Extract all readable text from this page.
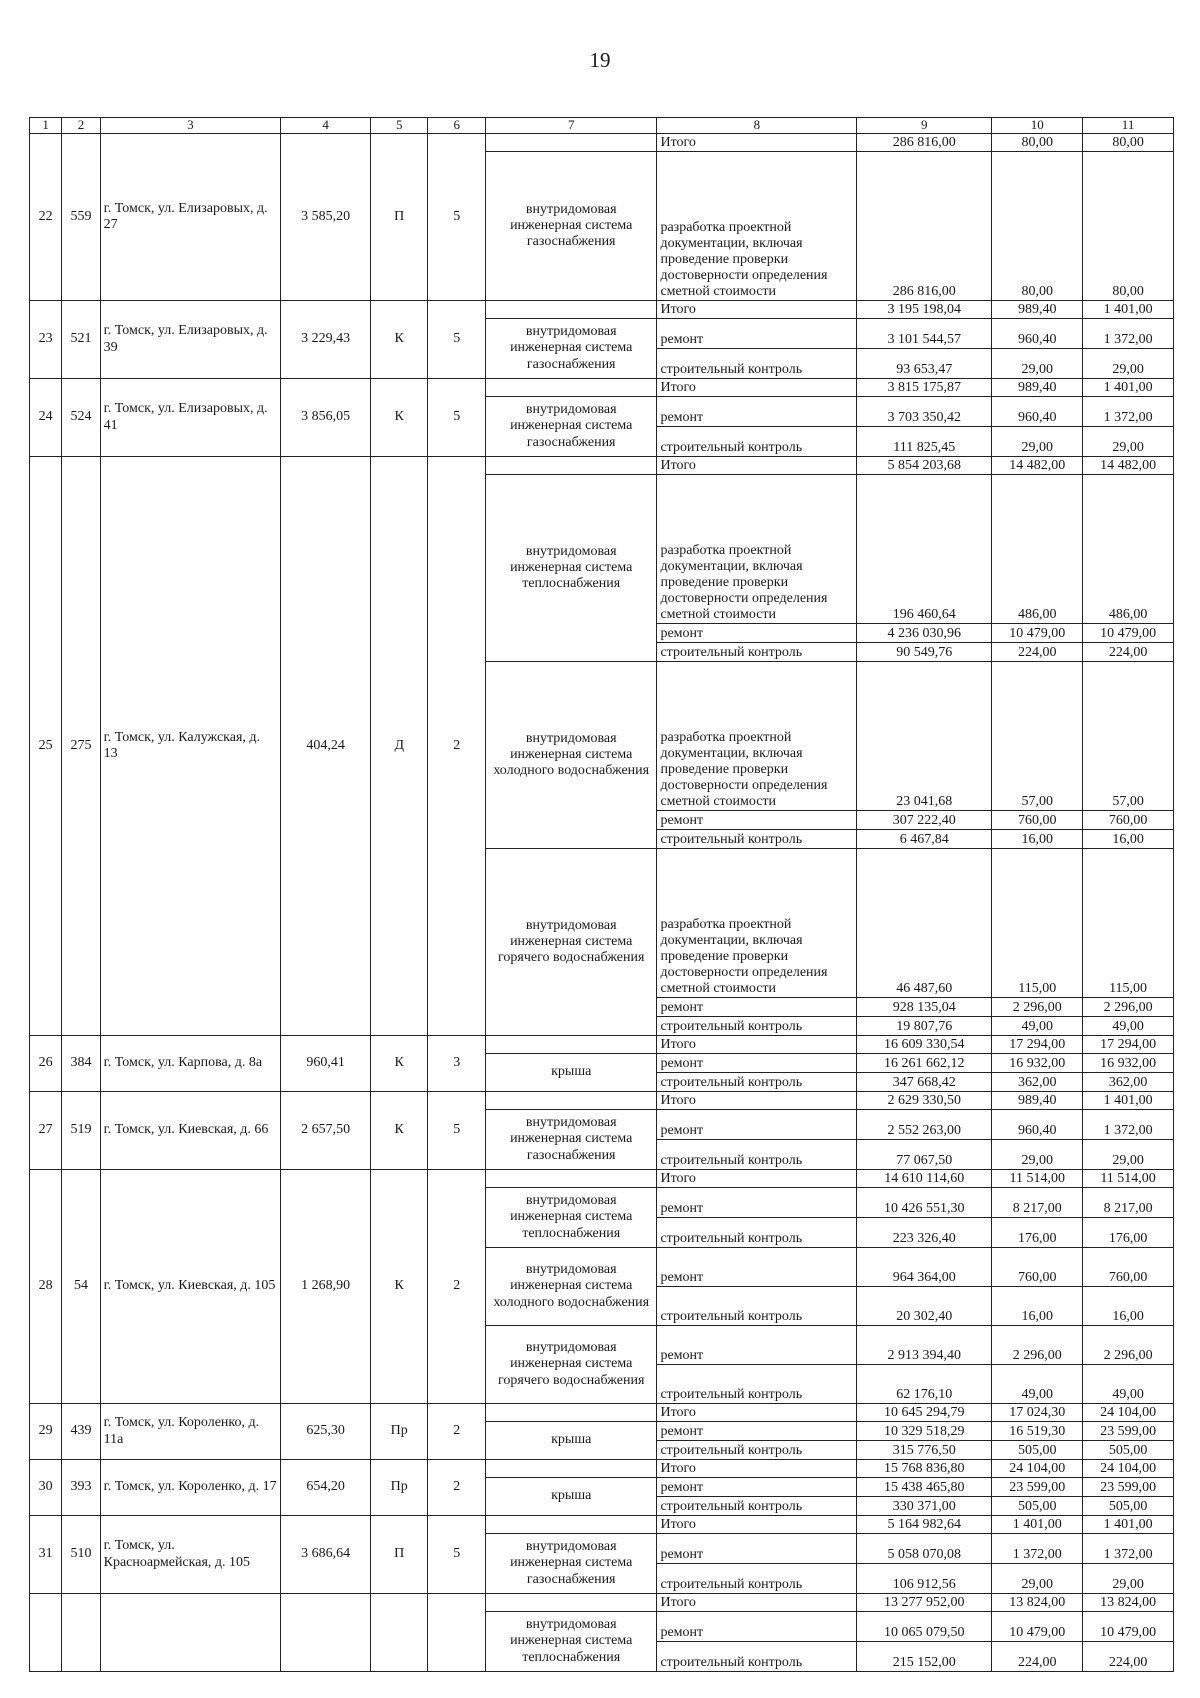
19
1	2	3	4	5	6	7	8	9	10	11
22	559	г. Томск, ул. Елизаровых, д. 27	3 585,20	П	5		Итого	286 816,00	80,00	80,00
						внутридомовая инженерная система газоснабжения	разработка проектной документации, включая проведение проверки достоверности определения сметной стоимости	286 816,00	80,00	80,00
23	521	г. Томск, ул. Елизаровых, д. 39	3 229,43	К	5		Итого	3 195 198,04	989,40	1 401,00
						внутридомовая инженерная система газоснабжения	ремонт	3 101 544,57	960,40	1 372,00
							строительный контроль	93 653,47	29,00	29,00
24	524	г. Томск, ул. Елизаровых, д. 41	3 856,05	К	5		Итого	3 815 175,87	989,40	1 401,00
						внутридомовая инженерная система газоснабжения	ремонт	3 703 350,42	960,40	1 372,00
							строительный контроль	111 825,45	29,00	29,00
25	275	г. Томск, ул. Калужская, д. 13	404,24	Д	2		Итого	5 854 203,68	14 482,00	14 482,00
						внутридомовая инженерная система теплоснабжения	разработка проектной документации, включая проведение проверки достоверности определения сметной стоимости	196 460,64	486,00	486,00
							ремонт	4 236 030,96	10 479,00	10 479,00
							строительный контроль	90 549,76	224,00	224,00
						внутридомовая инженерная система холодного водоснабжения	разработка проектной документации, включая проведение проверки достоверности определения сметной стоимости	23 041,68	57,00	57,00
							ремонт	307 222,40	760,00	760,00
							строительный контроль	6 467,84	16,00	16,00
						внутридомовая инженерная система горячего водоснабжения	разработка проектной документации, включая проведение проверки достоверности определения сметной стоимости	46 487,60	115,00	115,00
							ремонт	928 135,04	2 296,00	2 296,00
							строительный контроль	19 807,76	49,00	49,00
26	384	г. Томск, ул. Карпова, д. 8а	960,41	К	3		Итого	16 609 330,54	17 294,00	17 294,00
						крыша	ремонт	16 261 662,12	16 932,00	16 932,00
							строительный контроль	347 668,42	362,00	362,00
27	519	г. Томск, ул. Киевская, д. 66	2 657,50	К	5		Итого	2 629 330,50	989,40	1 401,00
						внутридомовая инженерная система газоснабжения	ремонт	2 552 263,00	960,40	1 372,00
							строительный контроль	77 067,50	29,00	29,00
28	54	г. Томск, ул. Киевская, д. 105	1 268,90	К	2		Итого	14 610 114,60	11 514,00	11 514,00
						внутридомовая инженерная система теплоснабжения	ремонт	10 426 551,30	8 217,00	8 217,00
							строительный контроль	223 326,40	176,00	176,00
						внутридомовая инженерная система холодного водоснабжения	ремонт	964 364,00	760,00	760,00
							строительный контроль	20 302,40	16,00	16,00
						внутридомовая инженерная система горячего водоснабжения	ремонт	2 913 394,40	2 296,00	2 296,00
							строительный контроль	62 176,10	49,00	49,00
29	439	г. Томск, ул. Короленко, д. 11а	625,30	Пр	2		Итого	10 645 294,79	17 024,30	24 104,00
						крыша	ремонт	10 329 518,29	16 519,30	23 599,00
							строительный контроль	315 776,50	505,00	505,00
30	393	г. Томск, ул. Короленко, д. 17	654,20	Пр	2		Итого	15 768 836,80	24 104,00	24 104,00
						крыша	ремонт	15 438 465,80	23 599,00	23 599,00
							строительный контроль	330 371,00	505,00	505,00
31	510	г. Томск, ул. Красноармейская, д. 105	3 686,64	П	5		Итого	5 164 982,64	1 401,00	1 401,00
						внутридомовая инженерная система газоснабжения	ремонт	5 058 070,08	1 372,00	1 372,00
							строительный контроль	106 912,56	29,00	29,00
							Итого	13 277 952,00	13 824,00	13 824,00
						внутридомовая инженерная система теплоснабжения	ремонт	10 065 079,50	10 479,00	10 479,00
							строительный контроль	215 152,00	224,00	224,00
